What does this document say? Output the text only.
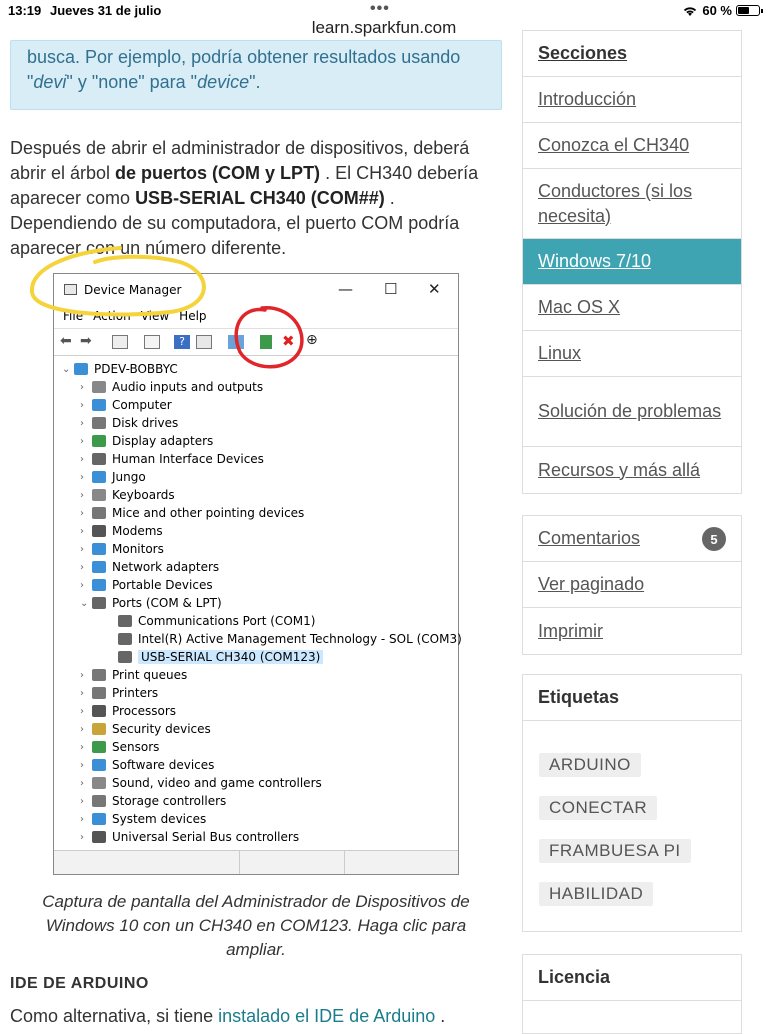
13:19 Jueves 31 de julio	•••	60 %
learn.sparkfun.com
busca. Por ejemplo, podría obtener resultados usando
"devi" y "none" para "device".

Después de abrir el administrador de dispositivos, deberá abrir el árbol de puertos (COM y LPT) . El CH340 debería aparecer como USB-SERIAL CH340 (COM##) . Dependiendo de su computadora, el puerto COM podría aparecer con un número diferente.

Device Manager	— ☐ ✕
File Action View Help
⬅ ➡	?	✖ ⊕
⌄	PDEV-BOBBYC
›	Audio inputs and outputs
›	Computer
›	Disk drives
›	Display adapters
›	Human Interface Devices
›	Jungo
›	Keyboards
›	Mice and other pointing devices
›	Modems
›	Monitors
›	Network adapters
›	Portable Devices
⌄	Ports (COM & LPT)
Communications Port (COM1)
Intel(R) Active Management Technology - SOL (COM3)
USB-SERIAL CH340 (COM123)
›	Print queues
›	Printers
›	Processors
›	Security devices
›	Sensors
›	Software devices
›	Sound, video and game controllers
›	Storage controllers
›	System devices
›	Universal Serial Bus controllers

Captura de pantalla del Administrador de Dispositivos de Windows 10 con un CH340 en COM123. Haga clic para ampliar.

IDE DE ARDUINO

Como alternativa, si tiene instalado el IDE de Arduino .

Secciones
Introducción
Conozca el CH340
Conductores (si los necesita)
Windows 7/10
Mac OS X
Linux
Solución de problemas
Recursos y más allá
Comentarios	5
Ver paginado
Imprimir
Etiquetas
ARDUINO
CONECTAR
FRAMBUESA PI
HABILIDAD
Licencia
